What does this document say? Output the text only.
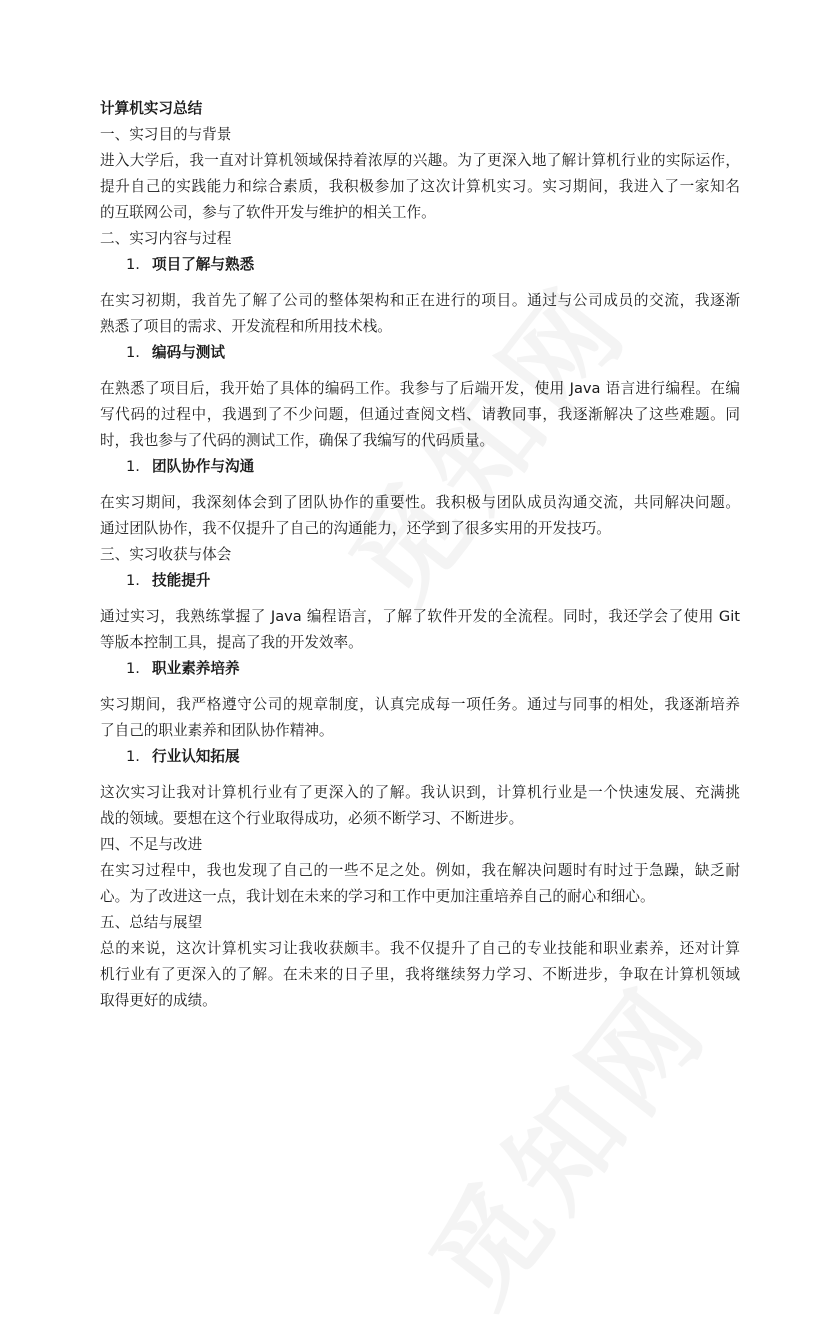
计算机实习总结
一、实习目的与背景
进入大学后，我一直对计算机领域保持着浓厚的兴趣。为了更深入地了解计算机行业的实际运作，
提升自己的实践能力和综合素质，我积极参加了这次计算机实习。实习期间，我进入了一家知名
的互联网公司，参与了软件开发与维护的相关工作。
二、实习内容与过程
1. 项目了解与熟悉
在实习初期，我首先了解了公司的整体架构和正在进行的项目。通过与公司成员的交流，我逐渐
熟悉了项目的需求、开发流程和所用技术栈。
1. 编码与测试
在熟悉了项目后，我开始了具体的编码工作。我参与了后端开发，使用 Java 语言进行编程。在编
写代码的过程中，我遇到了不少问题，但通过查阅文档、请教同事，我逐渐解决了这些难题。同
时，我也参与了代码的测试工作，确保了我编写的代码质量。
1. 团队协作与沟通
在实习期间，我深刻体会到了团队协作的重要性。我积极与团队成员沟通交流，共同解决问题。
通过团队协作，我不仅提升了自己的沟通能力，还学到了很多实用的开发技巧。
三、实习收获与体会
1. 技能提升
通过实习，我熟练掌握了 Java 编程语言，了解了软件开发的全流程。同时，我还学会了使用 Git
等版本控制工具，提高了我的开发效率。
1. 职业素养培养
实习期间，我严格遵守公司的规章制度，认真完成每一项任务。通过与同事的相处，我逐渐培养
了自己的职业素养和团队协作精神。
1. 行业认知拓展
这次实习让我对计算机行业有了更深入的了解。我认识到，计算机行业是一个快速发展、充满挑
战的领域。要想在这个行业取得成功，必须不断学习、不断进步。
四、不足与改进
在实习过程中，我也发现了自己的一些不足之处。例如，我在解决问题时有时过于急躁，缺乏耐
心。为了改进这一点，我计划在未来的学习和工作中更加注重培养自己的耐心和细心。
五、总结与展望
总的来说，这次计算机实习让我收获颇丰。我不仅提升了自己的专业技能和职业素养，还对计算
机行业有了更深入的了解。在未来的日子里，我将继续努力学习、不断进步，争取在计算机领域
取得更好的成绩。
